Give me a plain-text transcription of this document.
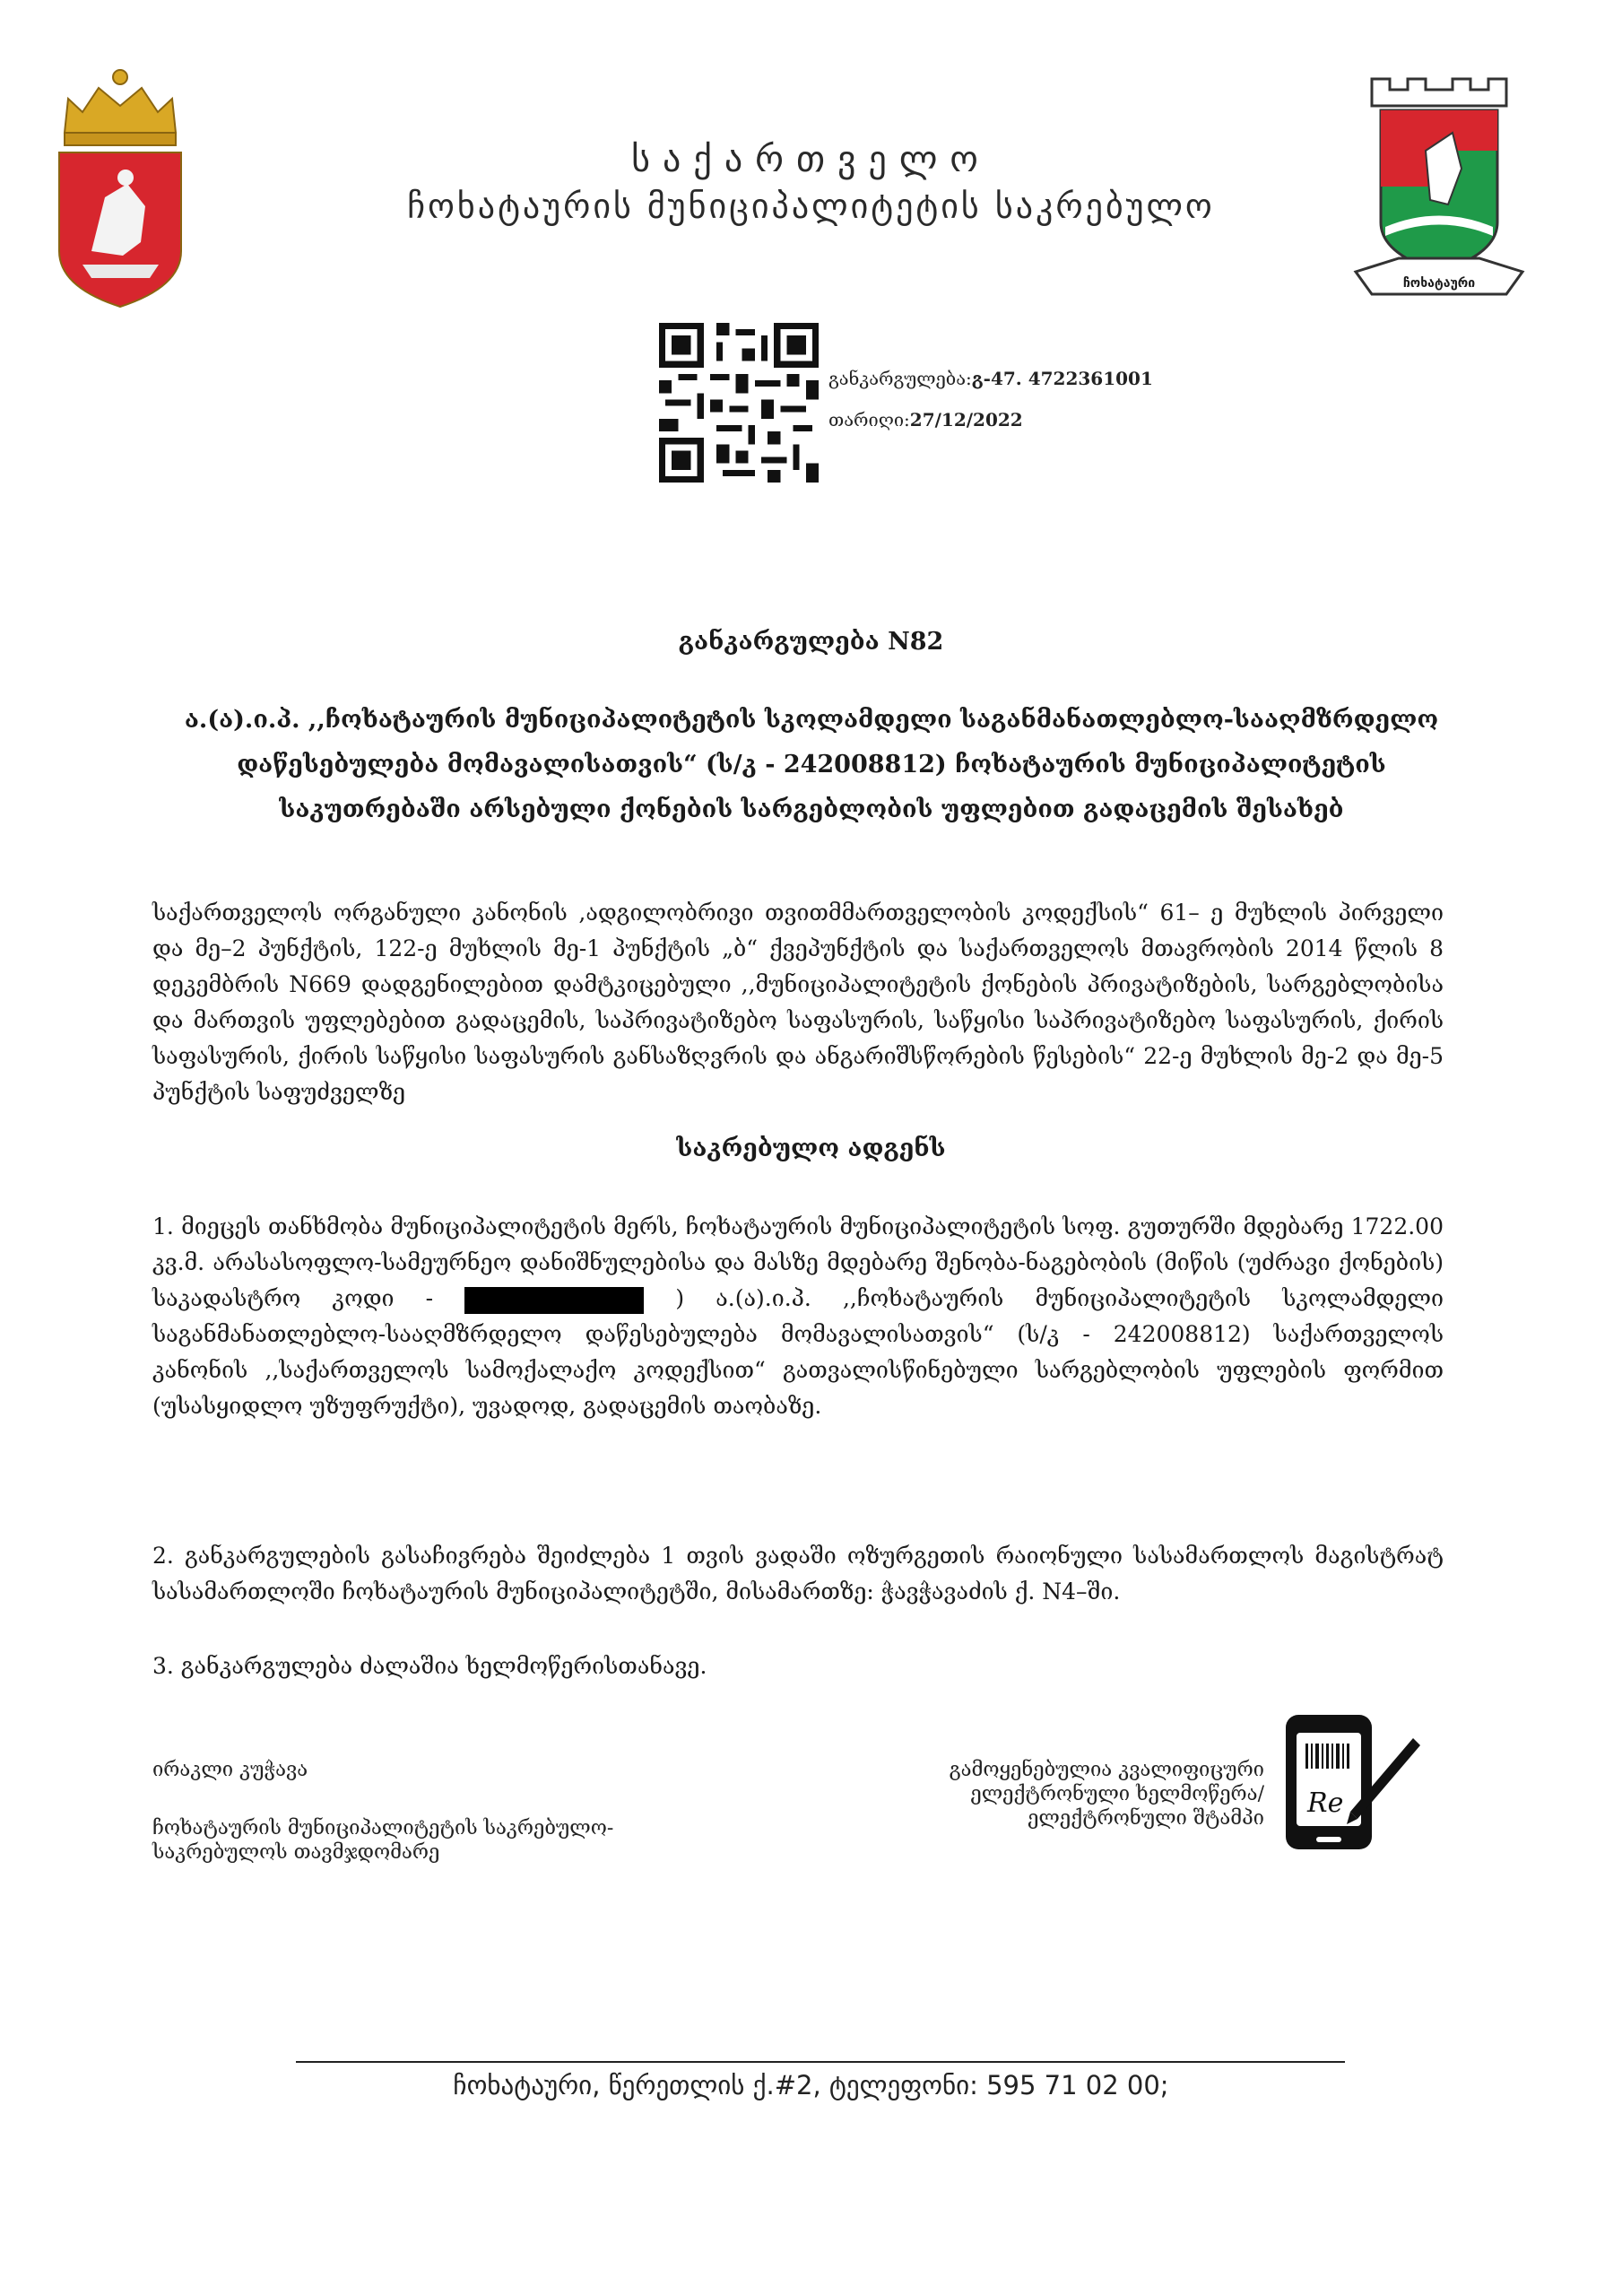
ჩოხატაური
საქართველო
ჩოხატაურის მუნიციპალიტეტის საკრებულო
განკარგულება:გ-47. 4722361001
თარიღი:27/12/2022
განკარგულება N82
ა.(ა).ი.პ. ,,ჩოხატაურის მუნიციპალიტეტის სკოლამდელი საგანმანათლებლო-სააღმზრდელო დაწესებულება მომავალისათვის“ (ს/კ - 242008812) ჩოხატაურის მუნიციპალიტეტის საკუთრებაში არსებული ქონების სარგებლობის უფლებით გადაცემის შესახებ
საქართველოს ორგანული კანონის ,ადგილობრივი თვითმმართველობის კოდექსის“ 61– ე მუხლის პირველი და მე–2 პუნქტის, 122-ე მუხლის მე-1 პუნქტის „ბ“ ქვეპუნქტის და საქართველოს მთავრობის 2014 წლის 8 დეკემბრის N669 დადგენილებით დამტკიცებული ,,მუნიციპალიტეტის ქონების პრივატიზების, სარგებლობისა და მართვის უფლებებით გადაცემის, საპრივატიზებო საფასურის, საწყისი საპრივატიზებო საფასურის, ქირის საფასურის, ქირის საწყისი საფასურის განსაზღვრის და ანგარიშსწორების წესების“ 22-ე მუხლის მე-2 და მე-5 პუნქტის საფუძველზე
საკრებულო ადგენს
1. მიეცეს თანხმობა მუნიციპალიტეტის მერს, ჩოხატაურის მუნიციპალიტეტის სოფ. გუთურში მდებარე 1722.00 კვ.მ. არასასოფლო-სამეურნეო დანიშნულებისა და მასზე მდებარე შენობა-ნაგებობის (მიწის (უძრავი ქონების) საკადასტრო კოდი -	) ა.(ა).ი.პ. ,,ჩოხატაურის მუნიციპალიტეტის სკოლამდელი საგანმანათლებლო-სააღმზრდელო დაწესებულება მომავალისათვის“ (ს/კ - 242008812) საქართველოს კანონის ,,საქართველოს სამოქალაქო კოდექსით“ გათვალისწინებული სარგებლობის უფლების ფორმით (უსასყიდლო უზუფრუქტი), უვადოდ, გადაცემის თაობაზე.
2. განკარგულების გასაჩივრება შეიძლება 1 თვის ვადაში ოზურგეთის რაიონული სასამართლოს მაგისტრატ სასამართლოში ჩოხატაურის მუნიციპალიტეტში, მისამართზე: ჭავჭავაძის ქ. N4–ში.
3. განკარგულება ძალაშია ხელმოწერისთანავე.
ირაკლი კუჭავა
ჩოხატაურის მუნიციპალიტეტის საკრებულო-საკრებულოს თავმჯდომარე
გამოყენებულია კვალიფიცური
ელექტრონული ხელმოწერა/
ელექტრონული შტამპი Re
ჩოხატაური, წერეთლის ქ.#2, ტელეფონი: 595 71 02 00;
